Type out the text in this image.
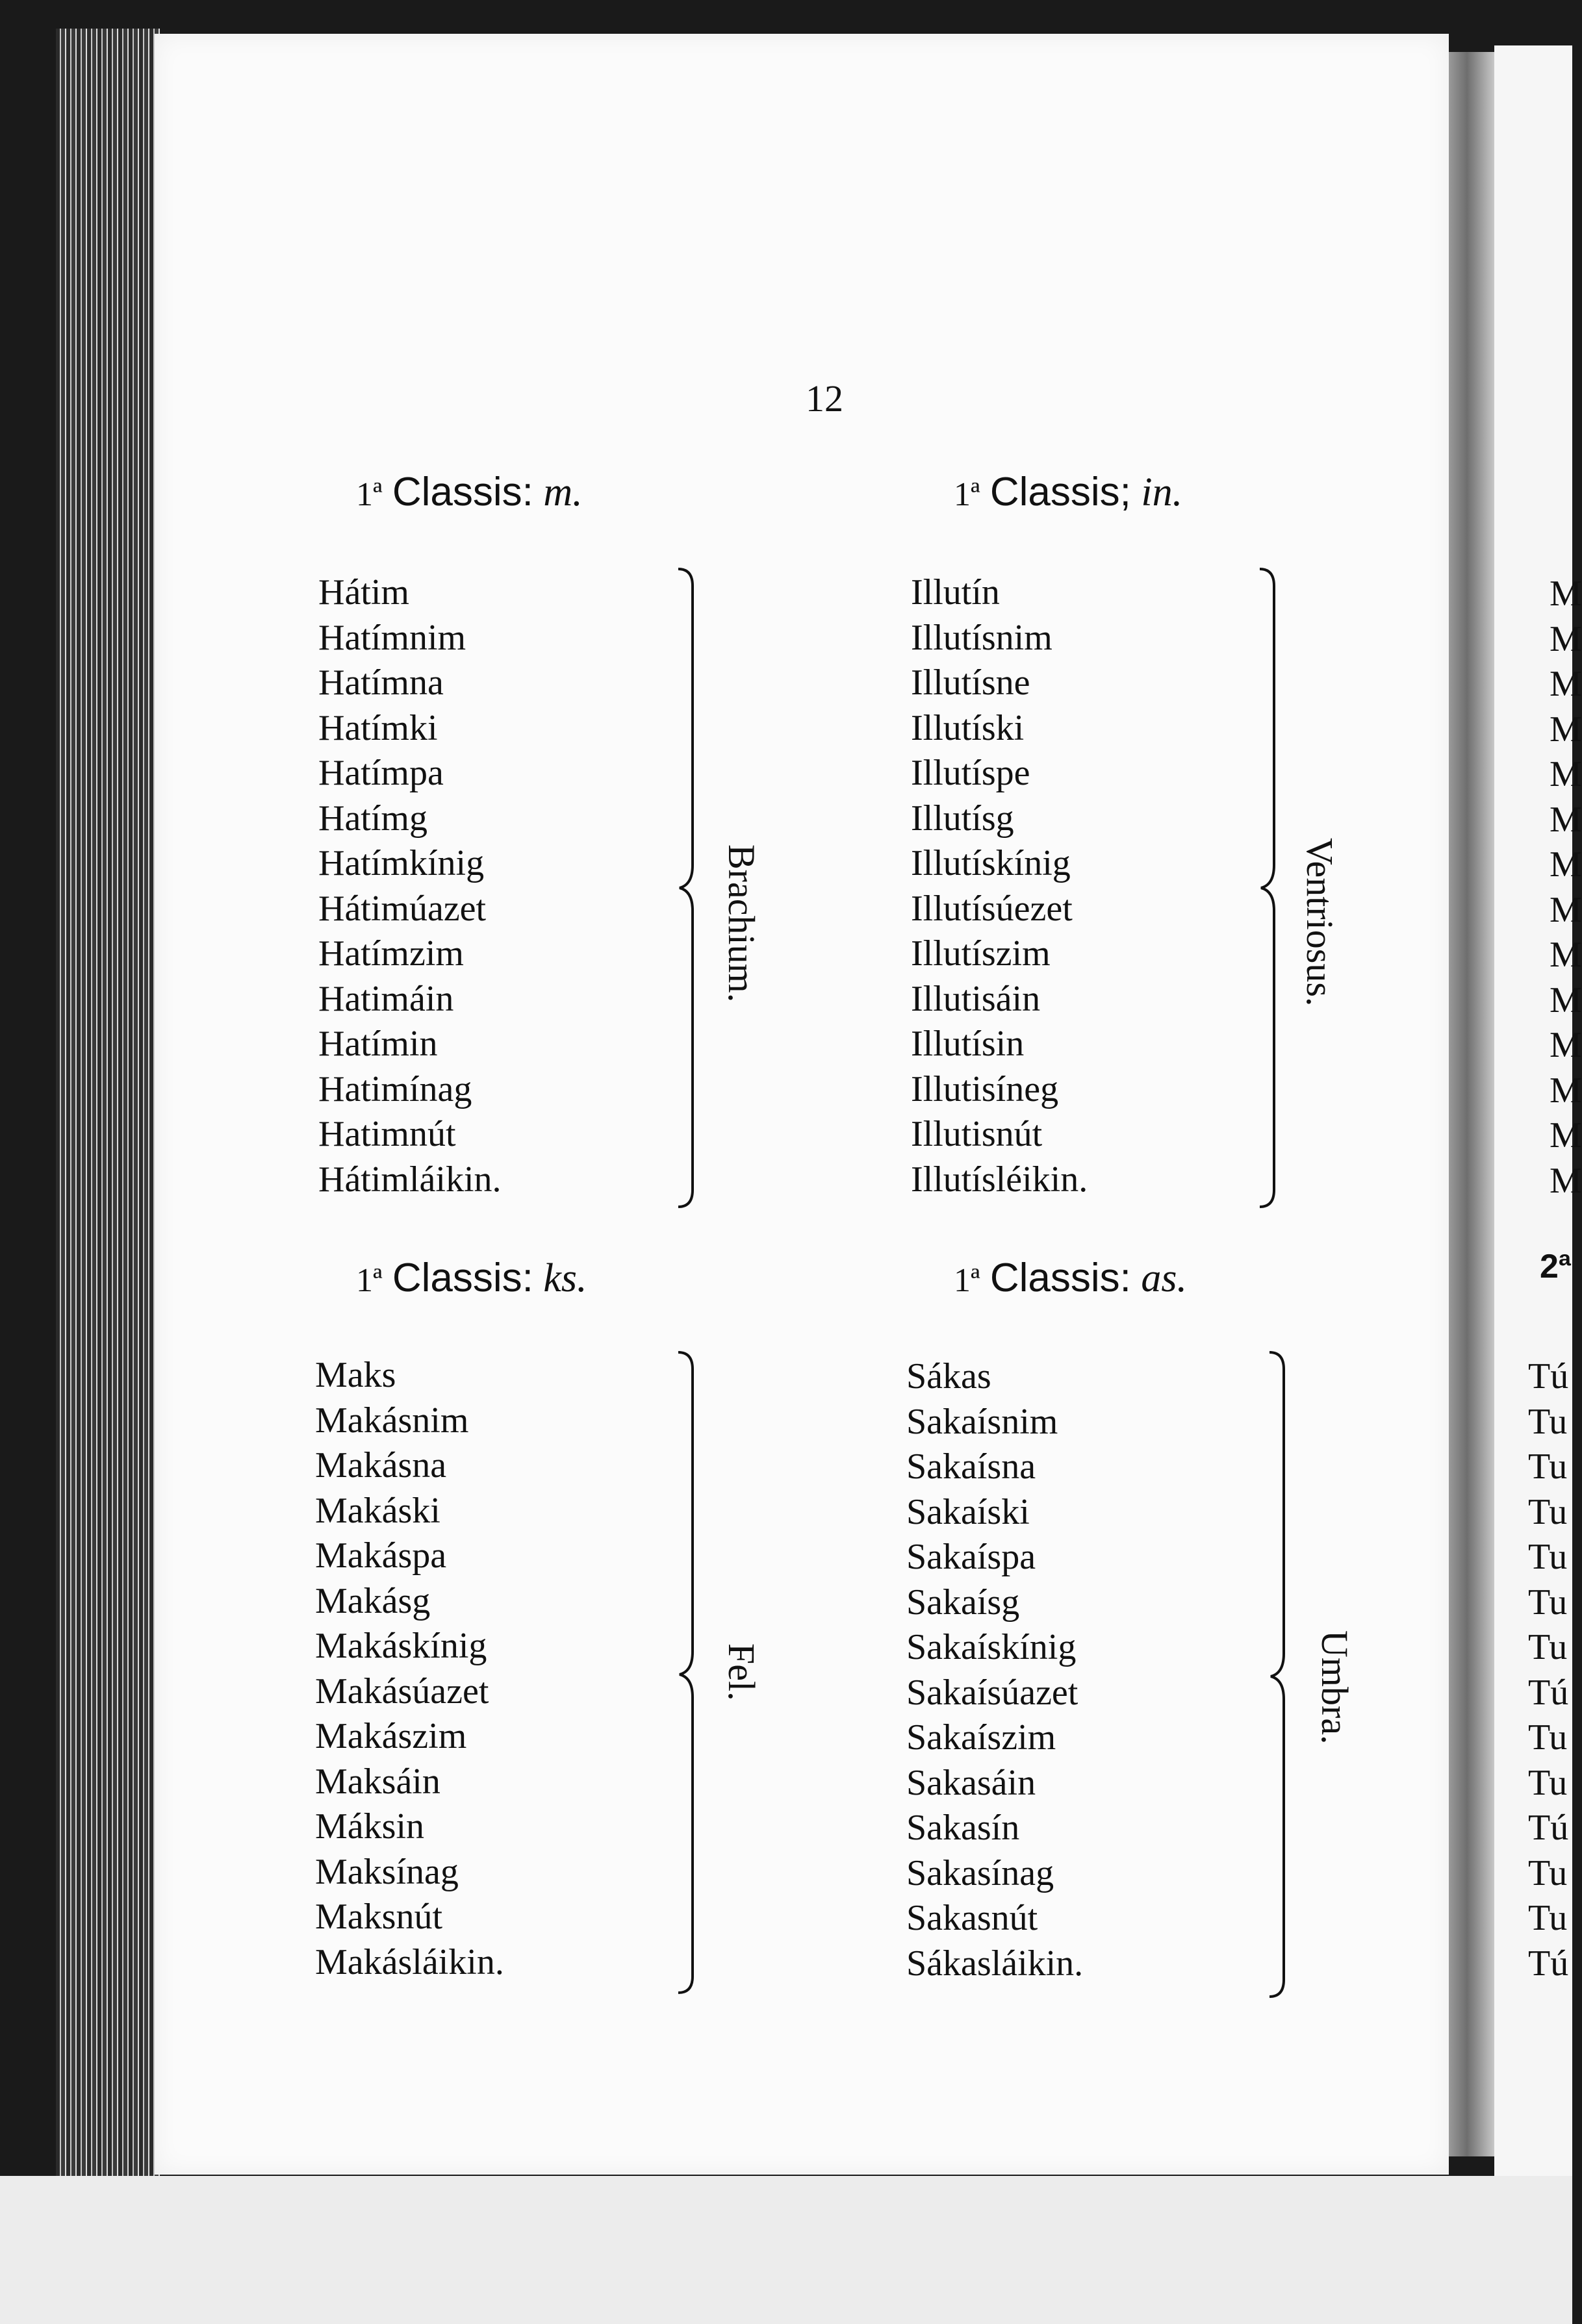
12
1ª Classis: m.
Hátim
Hatímnim
Hatímna
Hatímki
Hatímpa
Hatímg
Hatímkínig
Hátimúazet
Hatímzim
Hatimáin
Hatímin
Hatimínag
Hatimnút
Hátimláikin.
Brachium.
1ª Classis; in.
Illutín
Illutísnim
Illutísne
Illutíski
Illutíspe
Illutísg
Illutískínig
Illutísúezet
Illutíszim
Illutisáin
Illutísin
Illutisíneg
Illutisnút
Illutísléikin.
Ventriosus.
1ª Classis: ks.
Maks
Makásnim
Makásna
Makáski
Makáspa
Makásg
Makáskínig
Makásúazet
Makászim
Maksáin
Máksin
Maksínag
Maksnút
Makásláikin.
Fel.
1ª Classis: as.
Sákas
Sakaísnim
Sakaísna
Sakaíski
Sakaíspa
Sakaísg
Sakaískínig
Sakaísúazet
Sakaíszim
Sakasáin
Sakasín
Sakasínag
Sakasnút
Sákasláikin.
Umbra.
M
M
M
M
M
M
M
M
M
M
M
M
M
M
2ª
Tú
Tu
Tu
Tu
Tu
Tu
Tu
Tú
Tu
Tu
Tú
Tu
Tu
Tú
